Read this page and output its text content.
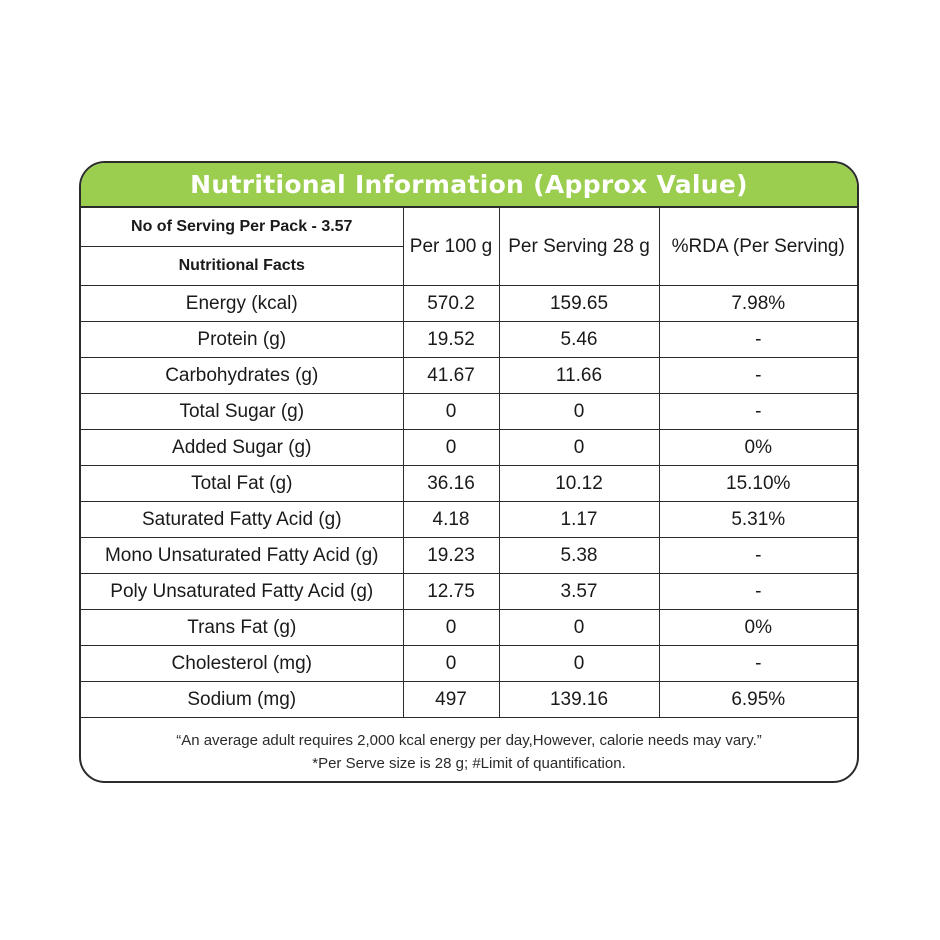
Nutritional Information (Approx Value)
No of Serving Per Pack - 3.57	Per 100 g	Per Serving 28 g	%RDA (Per Serving)
Nutritional Facts			
Energy (kcal)	570.2	159.65	7.98%
Protein (g)	19.52	5.46	-
Carbohydrates (g)	41.67	11.66	-
Total Sugar (g)	0	0	-
Added Sugar (g)	0	0	0%
Total Fat (g)	36.16	10.12	15.10%
Saturated Fatty Acid (g)	4.18	1.17	5.31%
Mono Unsaturated Fatty Acid (g)	19.23	5.38	-
Poly Unsaturated Fatty Acid (g)	12.75	3.57	-
Trans Fat (g)	0	0	0%
Cholesterol (mg)	0	0	-
Sodium (mg)	497	139.16	6.95%
“An average adult requires 2,000 kcal energy per day,However, calorie needs may vary.”
*Per Serve size is 28 g; #Limit of quantification.
